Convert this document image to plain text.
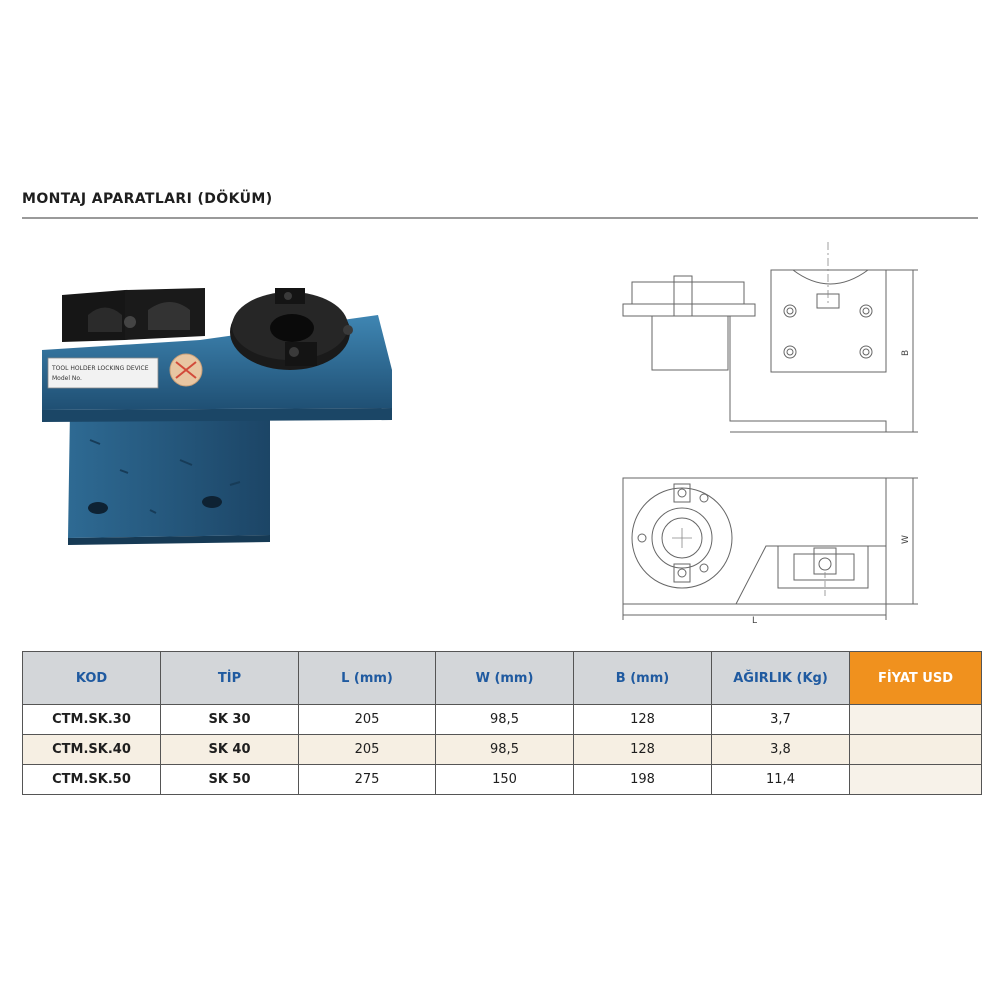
MONTAJ APARATLARI (DÖKÜM)
TOOL HOLDER LOCKING DEVICE
Model No.
B
W
L
KOD	TİP	L (mm)	W (mm)	B (mm)	AĞIRLIK (Kg)	FİYAT USD
CTM.SK.30	SK 30	205	98,5	128	3,7	
CTM.SK.40	SK 40	205	98,5	128	3,8	
CTM.SK.50	SK 50	275	150	198	11,4	
